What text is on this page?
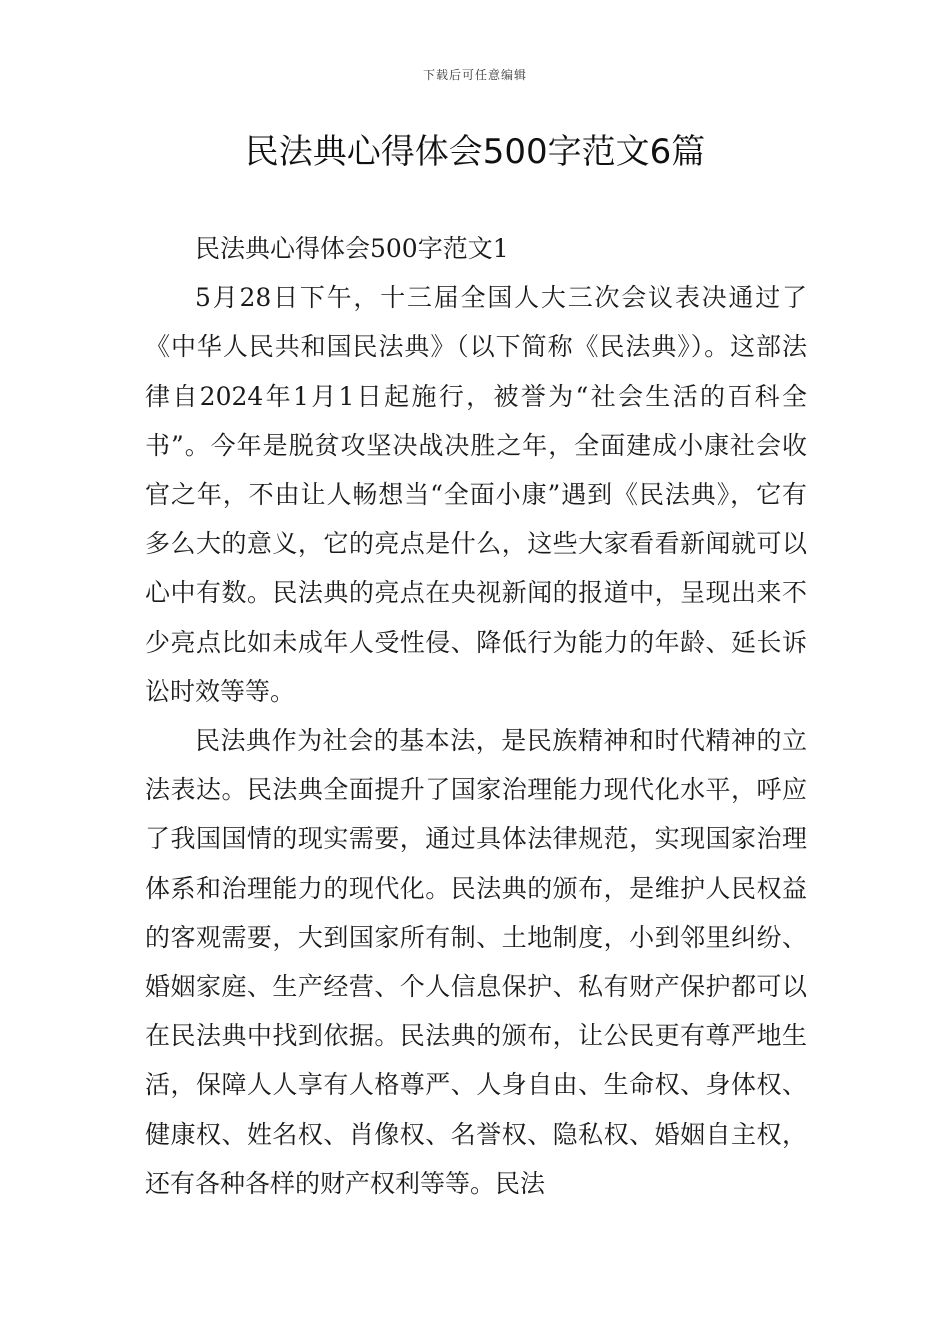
下载后可任意编辑
民法典心得体会500字范文6篇

民法典心得体会500字范文1

5月28日下午，十三届全国人大三次会议表决通过了《中华人民共和国民法典》（以下简称《民法典》）。这部法律自2024年1月1日起施行，被誉为“社会生活的百科全书”。今年是脱贫攻坚决战决胜之年，全面建成小康社会收官之年，不由让人畅想当“全面小康”遇到《民法典》，它有多么大的意义，它的亮点是什么，这些大家看看新闻就可以心中有数。民法典的亮点在央视新闻的报道中，呈现出来不少亮点比如未成年人受性侵、降低行为能力的年龄、延长诉讼时效等等。

民法典作为社会的基本法，是民族精神和时代精神的立法表达。民法典全面提升了国家治理能力现代化水平，呼应了我国国情的现实需要，通过具体法律规范，实现国家治理体系和治理能力的现代化。民法典的颁布，是维护人民权益的客观需要，大到国家所有制、土地制度，小到邻里纠纷、婚姻家庭、生产经营、个人信息保护、私有财产保护都可以在民法典中找到依据。民法典的颁布，让公民更有尊严地生活，保障人人享有人格尊严、人身自由、生命权、身体权、健康权、姓名权、肖像权、名誉权、隐私权、婚姻自主权，还有各种各样的财产权利等等。民法
